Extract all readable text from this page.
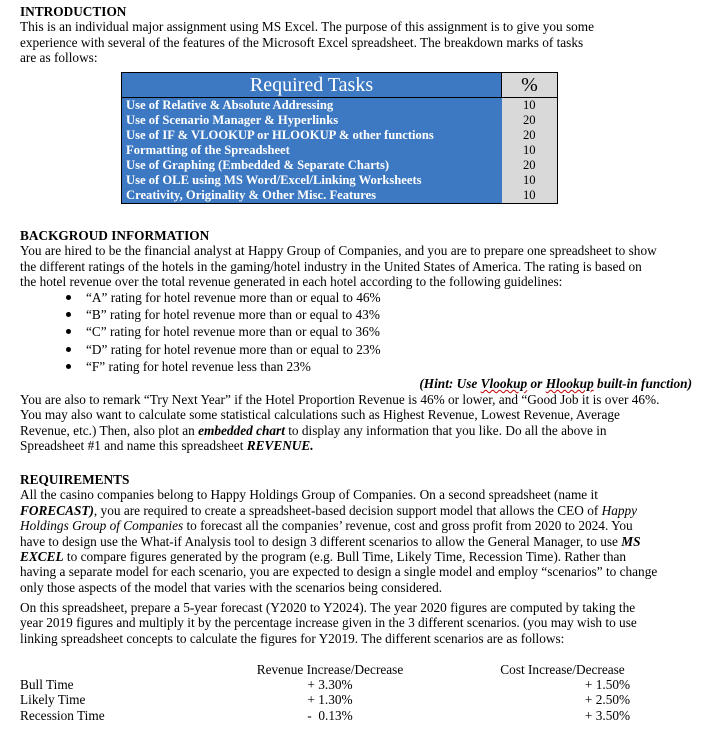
INTRODUCTION

This is an individual major assignment using MS Excel. The purpose of this assignment is to give you some

experience with several of the features of the Microsoft Excel spreadsheet. The breakdown marks of tasks

are as follows:

Required Tasks	%
Use of Relative & Absolute Addressing	10
Use of Scenario Manager & Hyperlinks	20
Use of IF & VLOOKUP or HLOOKUP & other functions	20
Formatting of the Spreadsheet	10
Use of Graphing (Embedded & Separate Charts)	20
Use of OLE using MS Word/Excel/Linking Worksheets	10
Creativity, Originality & Other Misc. Features	10
BACKGROUD INFORMATION

You are hired to be the financial analyst at Happy Group of Companies, and you are to prepare one spreadsheet to show

the different ratings of the hotels in the gaming/hotel industry in the United States of America. The rating is based on

the hotel revenue over the total revenue generated in each hotel according to the following guidelines:

“A” rating for hotel revenue more than or equal to 46%
“B” rating for hotel revenue more than or equal to 43%
“C” rating for hotel revenue more than or equal to 36%
“D” rating for hotel revenue more than or equal to 23%
“F” rating for hotel revenue less than 23%
(Hint: Use Vlookup or Hlookup built-in function)

You are also to remark “Try Next Year” if the Hotel Proportion Revenue is 46% or lower, and “Good Job it is over 46%.

You may also want to calculate some statistical calculations such as Highest Revenue, Lowest Revenue, Average

Revenue, etc.) Then, also plot an embedded chart to display any information that you like. Do all the above in

Spreadsheet #1 and name this spreadsheet REVENUE.

REQUIREMENTS

All the casino companies belong to Happy Holdings Group of Companies. On a second spreadsheet (name it

FORECAST), you are required to create a spreadsheet-based decision support model that allows the CEO of Happy

Holdings Group of Companies to forecast all the companies’ revenue, cost and gross profit from 2020 to 2024. You

have to design use the What-if Analysis tool to design 3 different scenarios to allow the General Manager, to use MS

EXCEL to compare figures generated by the program (e.g. Bull Time, Likely Time, Recession Time). Rather than

having a separate model for each scenario, you are expected to design a single model and employ “scenarios” to change

only those aspects of the model that varies with the scenarios being considered.

On this spreadsheet, prepare a 5-year forecast (Y2020 to Y2024). The year 2020 figures are computed by taking the

year 2019 figures and multiply it by the percentage increase given in the 3 different scenarios. (you may wish to use

linking spreadsheet concepts to calculate the figures for Y2019. The different scenarios are as follows:

	Revenue Increase/Decrease		Cost Increase/Decrease
Bull Time	+ 3.30%		+ 1.50%
Likely Time	+ 1.30%		+ 2.50%
Recession Time	-  0.13%		+ 3.50%
